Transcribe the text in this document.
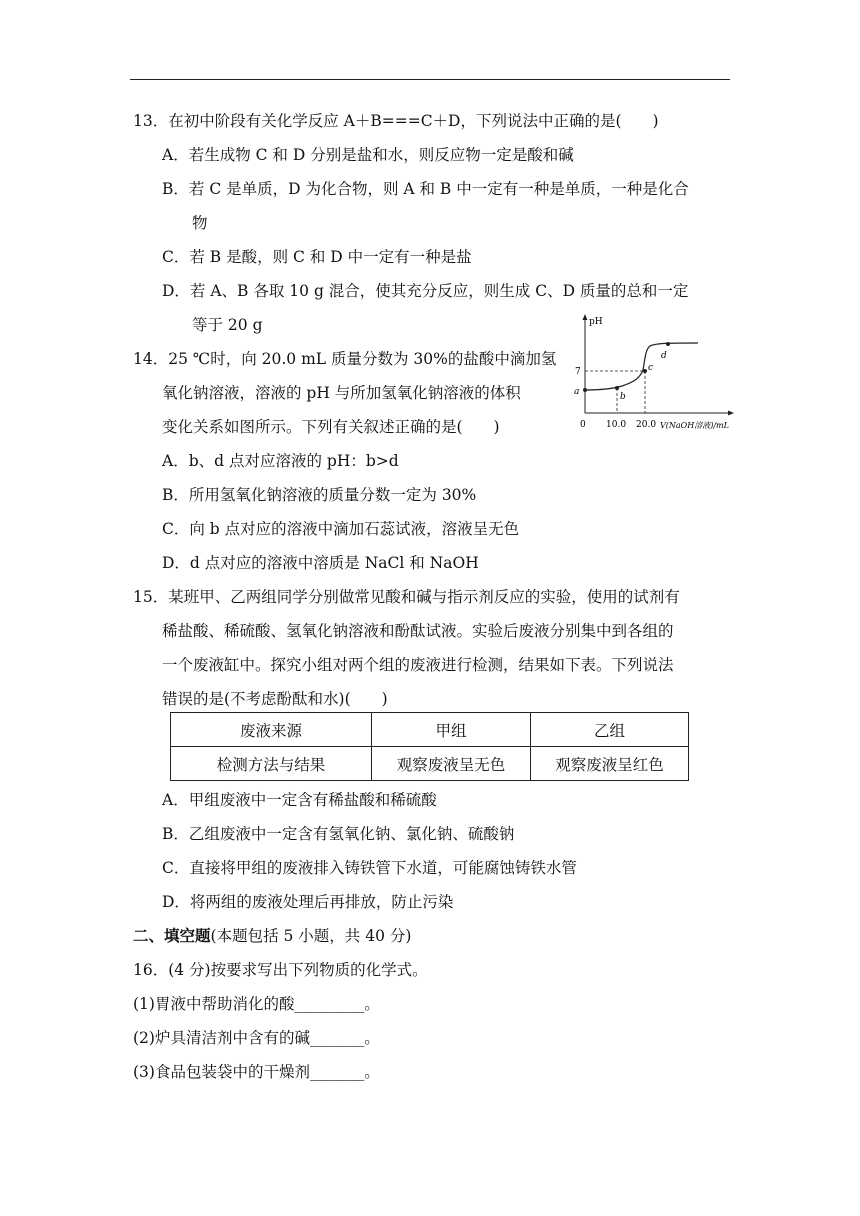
13．在初中阶段有关化学反应 A＋B===C＋D，下列说法中正确的是(　　)
A．若生成物 C 和 D 分别是盐和水，则反应物一定是酸和碱
B．若 C 是单质，D 为化合物，则 A 和 B 中一定有一种是单质，一种是化合
物
C．若 B 是酸，则 C 和 D 中一定有一种是盐
D．若 A、B 各取 10 g 混合，使其充分反应，则生成 C、D 质量的总和一定
等于 20 g
14．25 ℃时，向 20.0 mL 质量分数为 30%的盐酸中滴加氢
氧化钠溶液，溶液的 pH 与所加氢氧化钠溶液的体积
变化关系如图所示。下列有关叙述正确的是(　　)
A．b、d 点对应溶液的 pH：b>d
B．所用氢氧化钠溶液的质量分数一定为 30%
C．向 b 点对应的溶液中滴加石蕊试液，溶液呈无色
D．d 点对应的溶液中溶质是 NaCl 和 NaOH
pH
0 10.0 20.0 V(NaOH溶液)/mL
7
a	b
c
d
15．某班甲、乙两组同学分别做常见酸和碱与指示剂反应的实验，使用的试剂有
稀盐酸、稀硫酸、氢氧化钠溶液和酚酞试液。实验后废液分别集中到各组的
一个废液缸中。探究小组对两个组的废液进行检测，结果如下表。下列说法
错误的是(不考虑酚酞和水)(　　)
废液来源	甲组	乙组
检测方法与结果	观察废液呈无色	观察废液呈红色
A．甲组废液中一定含有稀盐酸和稀硫酸
B．乙组废液中一定含有氢氧化钠、氯化钠、硫酸钠
C．直接将甲组的废液排入铸铁管下水道，可能腐蚀铸铁水管
D．将两组的废液处理后再排放，防止污染
二、填空题(本题包括 5 小题，共 40 分)
16．(4 分)按要求写出下列物质的化学式。
(1)胃液中帮助消化的酸_________。
(2)炉具清洁剂中含有的碱_______。
(3)食品包装袋中的干燥剂_______。
